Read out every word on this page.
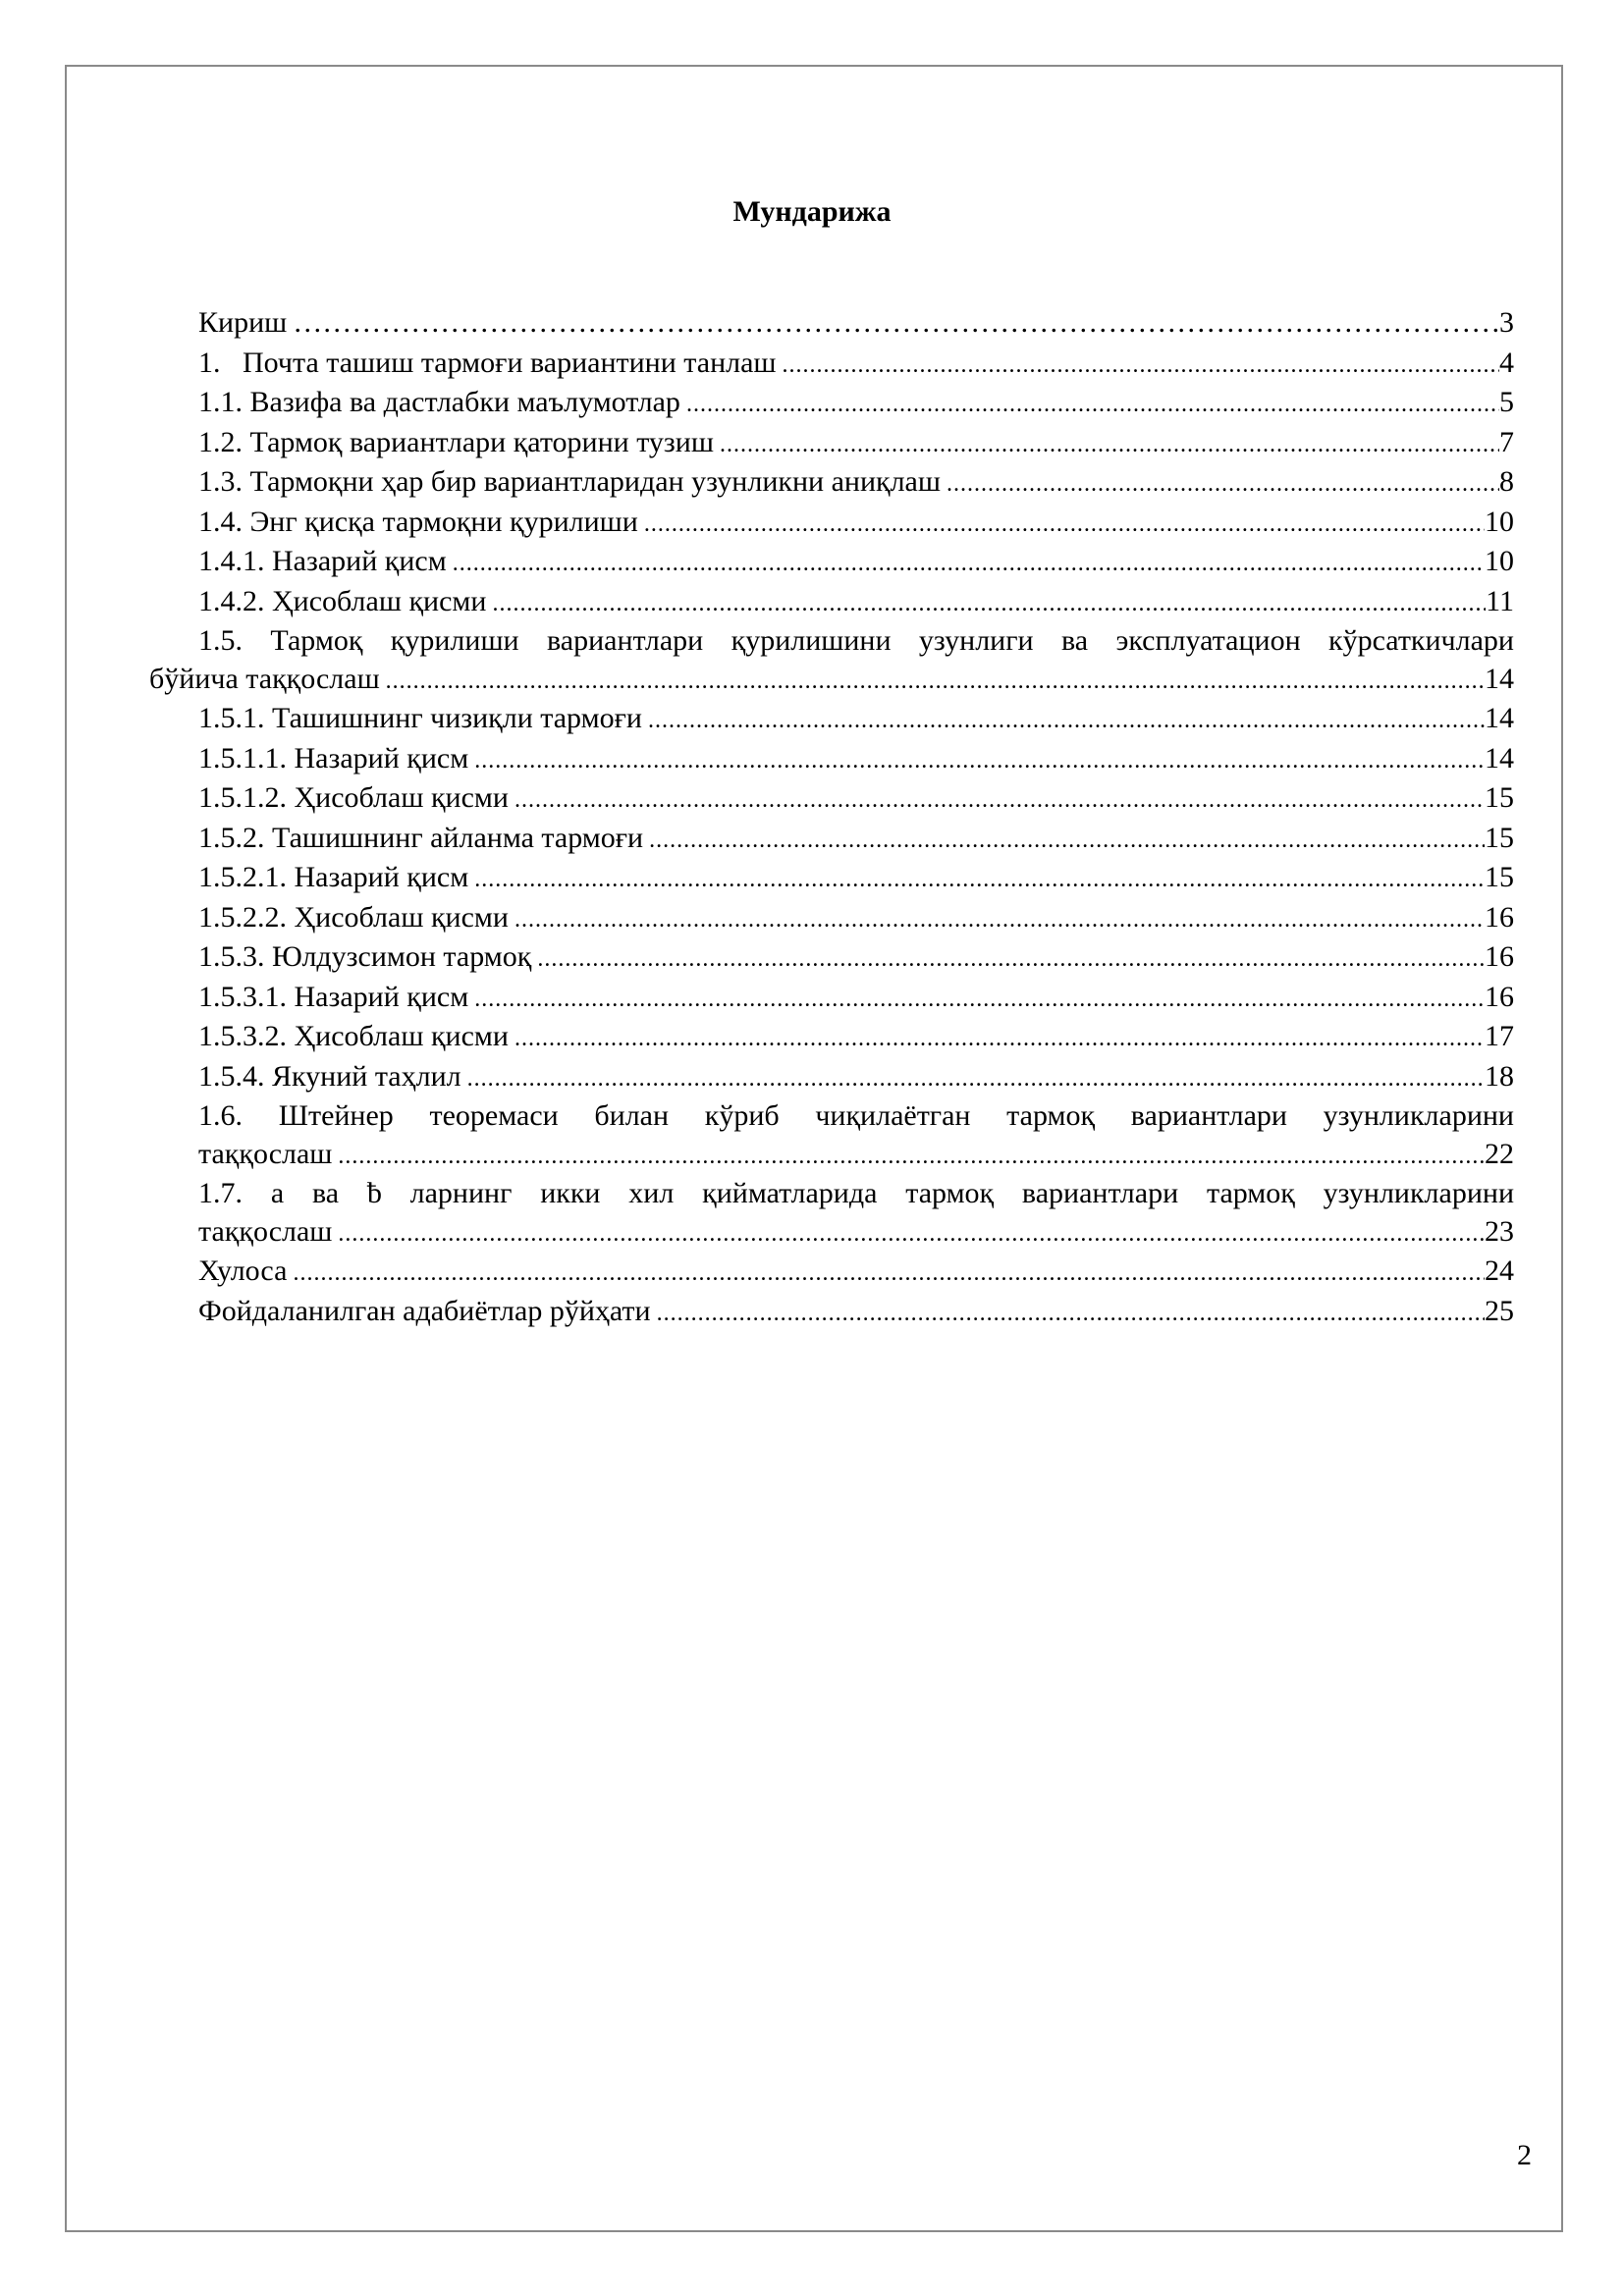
Мундарижа
Кириш ………………………………………………………………………………………………………………………………………………………………………………	3
1.   Почта ташиш тармоғи вариантини танлаш .....	4
1.1. Вазифа ва дастлабки маълумотлар .....	5
1.2. Тармоқ вариантлари қаторини тузиш .....	7
1.3. Тармоқни ҳар бир вариантларидан узунликни аниқлаш .....	8
1.4. Энг қисқа тармоқни қурилиши .....	10
1.4.1. Назарий қисм .....	10
1.4.2. Ҳисоблаш қисми .....	11
1.5. Тармоқ қурилиши вариантлари қурилишини узунлиги ва эксплуатацион кўрсаткичлари
бўйича таққослаш .....	14
1.5.1. Ташишнинг чизиқли тармоғи .....	14
1.5.1.1. Назарий қисм .....	14
1.5.1.2. Ҳисоблаш қисми .....	15
1.5.2. Ташишнинг айланма тармоғи .....	15
1.5.2.1. Назарий қисм .....	15
1.5.2.2. Ҳисоблаш қисми .....	16
1.5.3. Юлдузсимон тармоқ .....	16
1.5.3.1. Назарий қисм .....	16
1.5.3.2. Ҳисоблаш қисми .....	17
1.5.4. Якуний таҳлил .....	18
1.6. Штейнер теоремаси билан кўриб чиқилаётган тармоқ вариантлари узунликларини
таққослаш .....	22
1.7. a ва ƀ ларнинг икки хил қийматларида тармоқ вариантлари тармоқ узунликларини
таққослаш .....	23
Хулоса .....	24
Фойдаланилган адабиётлар рўйҳати .....	25
2
